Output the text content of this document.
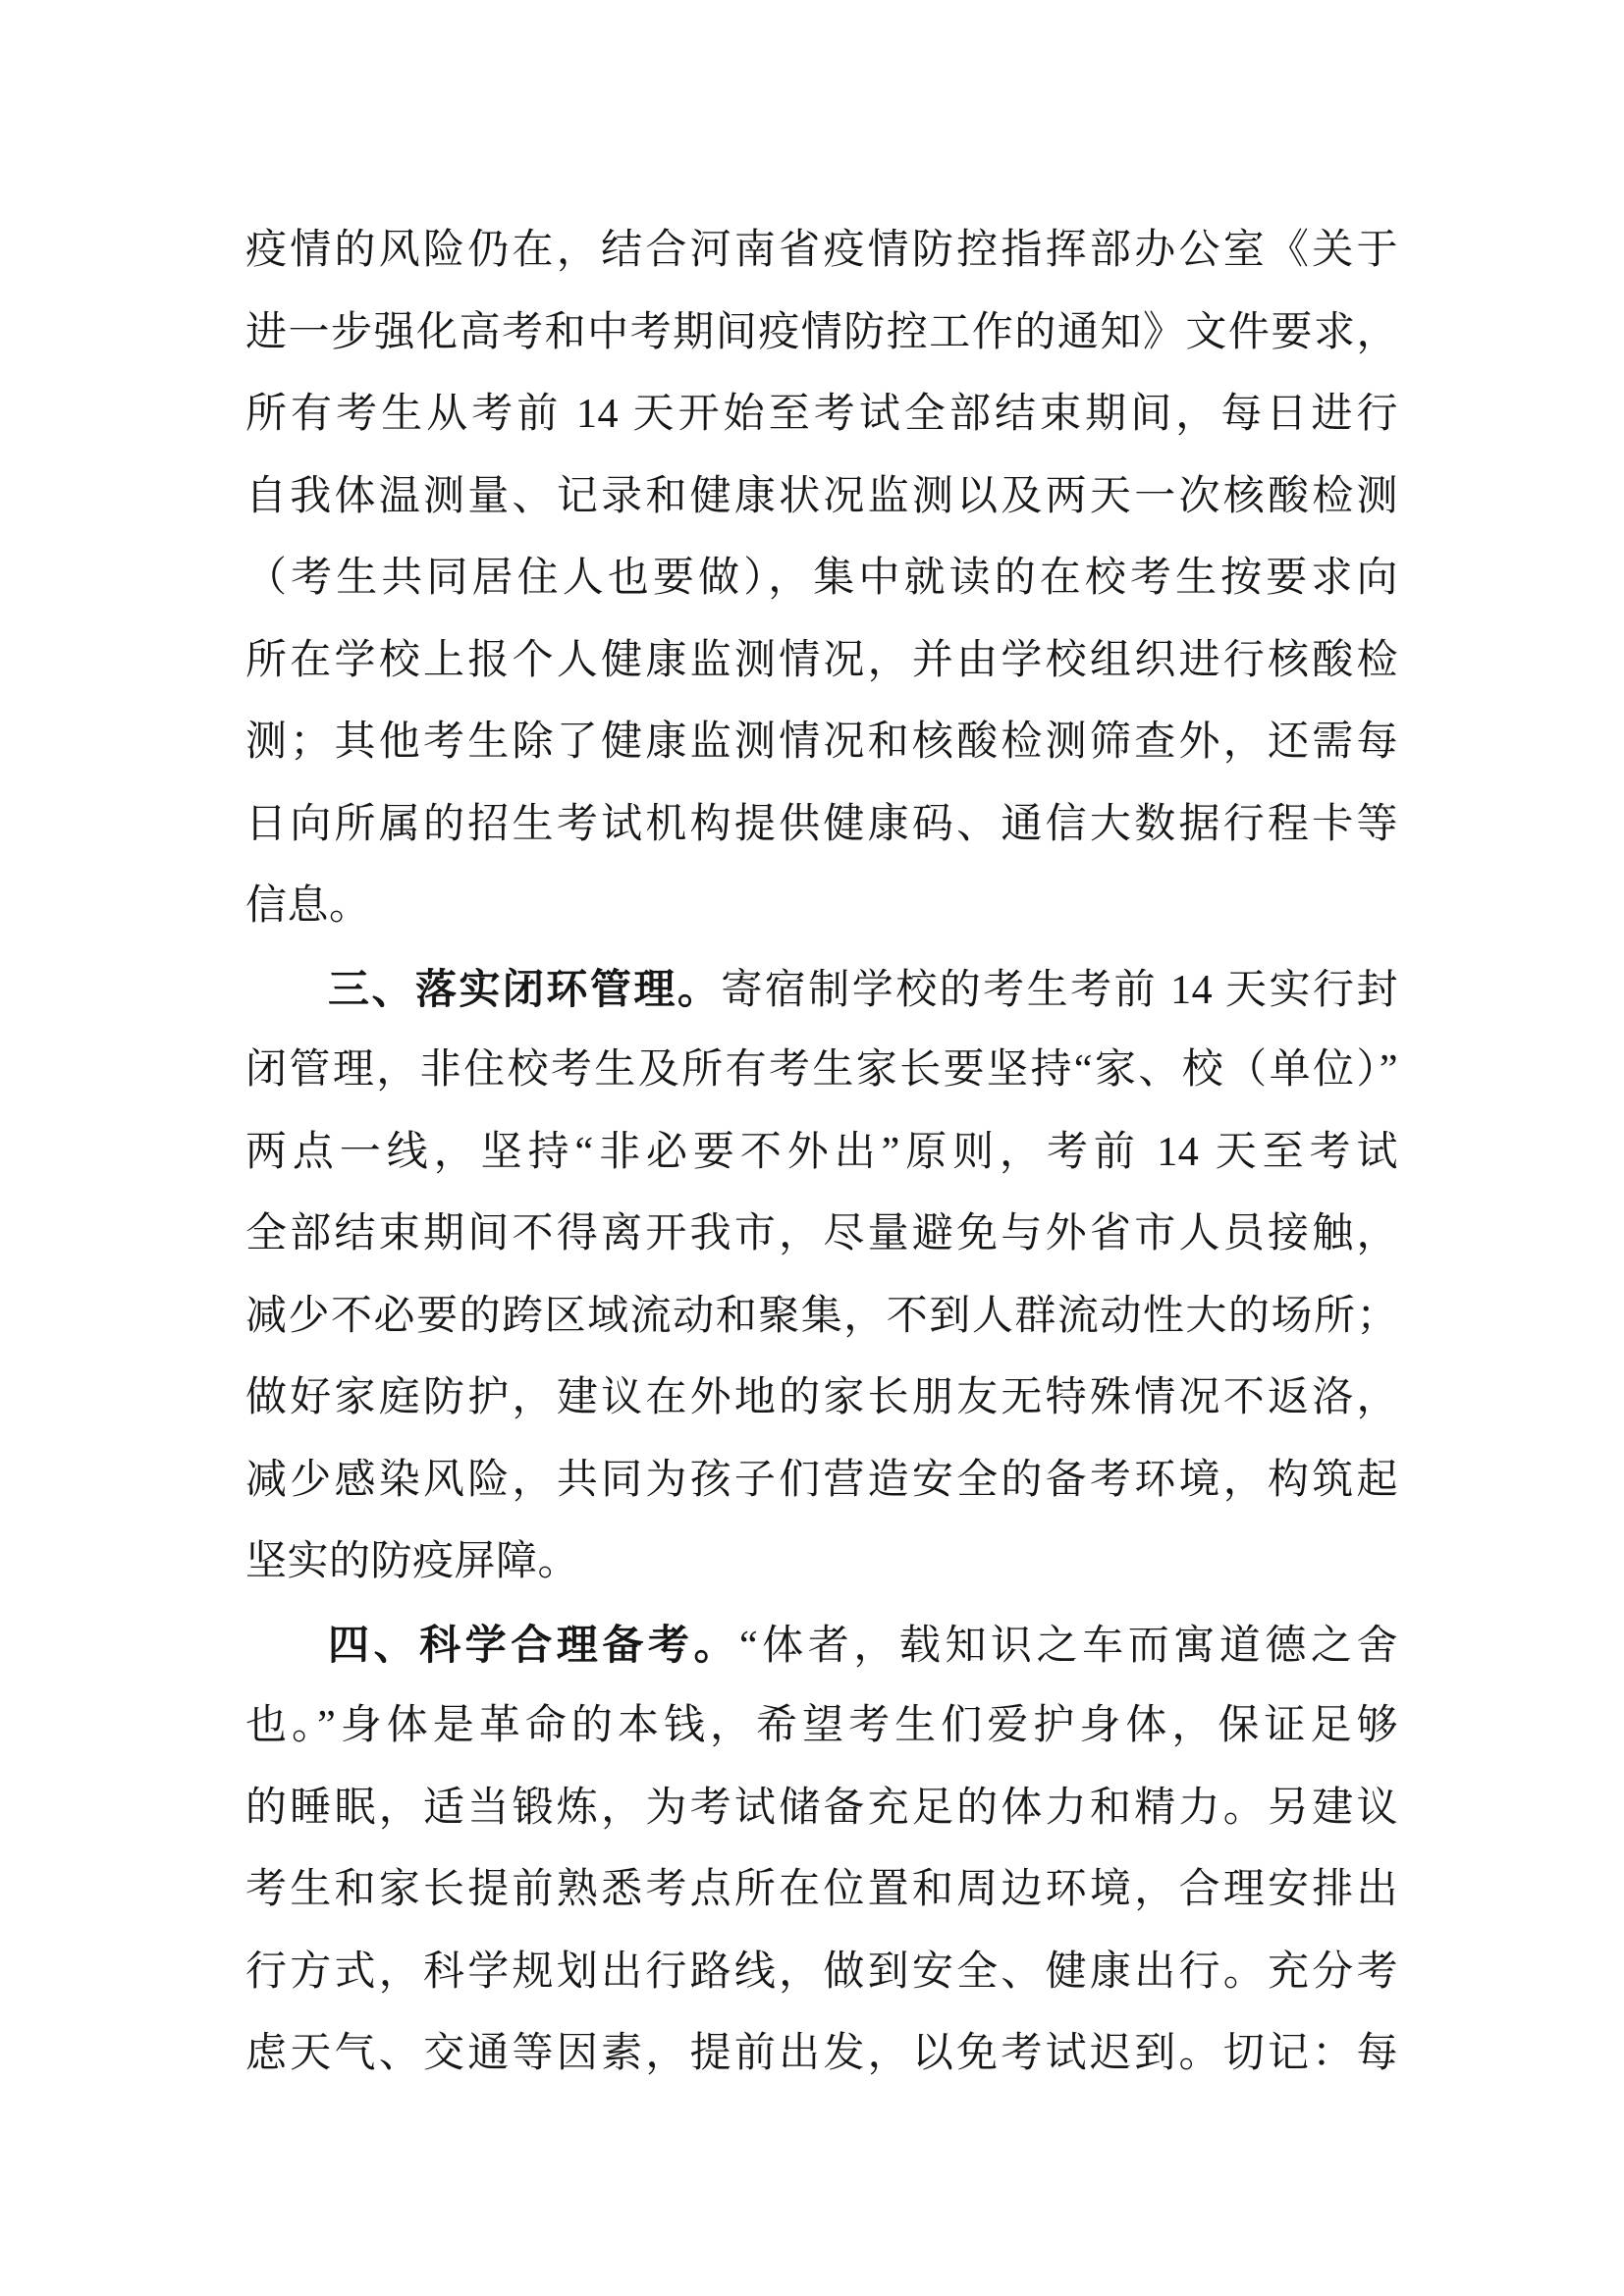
疫情的风险仍在，结合河南省疫情防控指挥部办公室《关于
进一步强化高考和中考期间疫情防控工作的通知》文件要求，
所有考生从考前 14 天开始至考试全部结束期间，每日进行
自我体温测量、记录和健康状况监测以及两天一次核酸检测
（考生共同居住人也要做），集中就读的在校考生按要求向
所在学校上报个人健康监测情况，并由学校组织进行核酸检
测；其他考生除了健康监测情况和核酸检测筛查外，还需每
日向所属的招生考试机构提供健康码、通信大数据行程卡等
信息。
三、落实闭环管理。寄宿制学校的考生考前 14 天实行封
闭管理，非住校考生及所有考生家长要坚持“家、校（单位）”
两点一线，坚持“非必要不外出”原则，考前 14 天至考试
全部结束期间不得离开我市，尽量避免与外省市人员接触，
减少不必要的跨区域流动和聚集，不到人群流动性大的场所；
做好家庭防护，建议在外地的家长朋友无特殊情况不返洛，
减少感染风险，共同为孩子们营造安全的备考环境，构筑起
坚实的防疫屏障。
四、科学合理备考。“体者，载知识之车而寓道德之舍
也。”身体是革命的本钱，希望考生们爱护身体，保证足够
的睡眠，适当锻炼，为考试储备充足的体力和精力。另建议
考生和家长提前熟悉考点所在位置和周边环境，合理安排出
行方式，科学规划出行路线，做到安全、健康出行。充分考
虑天气、交通等因素，提前出发，以免考试迟到。切记：每
